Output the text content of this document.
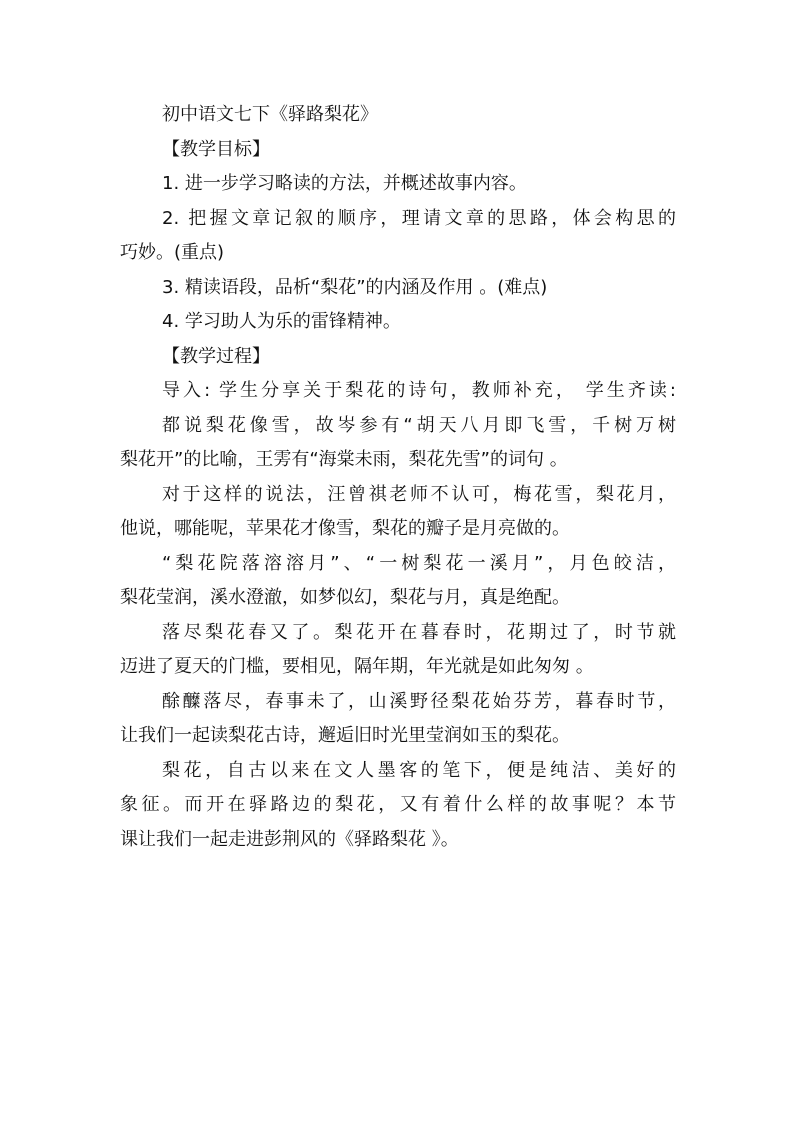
初中语文七下《驿路梨花》

【教学目标】

1. 进一步学习略读的方法，并概述故事内容。

2. 把握文章记叙的顺序，理请文章的思路，体会构思的

巧妙。(重点)

3. 精读语段，品析“梨花”的内涵及作用 。(难点)

4. 学习助人为乐的雷锋精神。

【教学过程】

导入: 学生分享关于梨花的诗句，教师补充， 学生齐读:

都说梨花像雪，故岑参有“胡天八月即飞雪，千树万树

梨花开”的比喻，王雱有“海棠未雨，梨花先雪”的词句 。

对于这样的说法，汪曾祺老师不认可，梅花雪，梨花月，

他说，哪能呢，苹果花才像雪，梨花的瓣子是月亮做的。

“梨花院落溶溶月”、“一树梨花一溪月”，月色皎洁，

梨花莹润，溪水澄澈，如梦似幻，梨花与月，真是绝配。

落尽梨花春又了。梨花开在暮春时，花期过了，时节就

迈进了夏天的门槛，要相见，隔年期，年光就是如此匆匆 。

酴醾落尽，春事未了，山溪野径梨花始芬芳，暮春时节，

让我们一起读梨花古诗，邂逅旧时光里莹润如玉的梨花。

梨花，自古以来在文人墨客的笔下，便是纯洁、美好的

象征。而开在驿路边的梨花，又有着什么样的故事呢？本节

课让我们一起走进彭荆风的《驿路梨花 》。
